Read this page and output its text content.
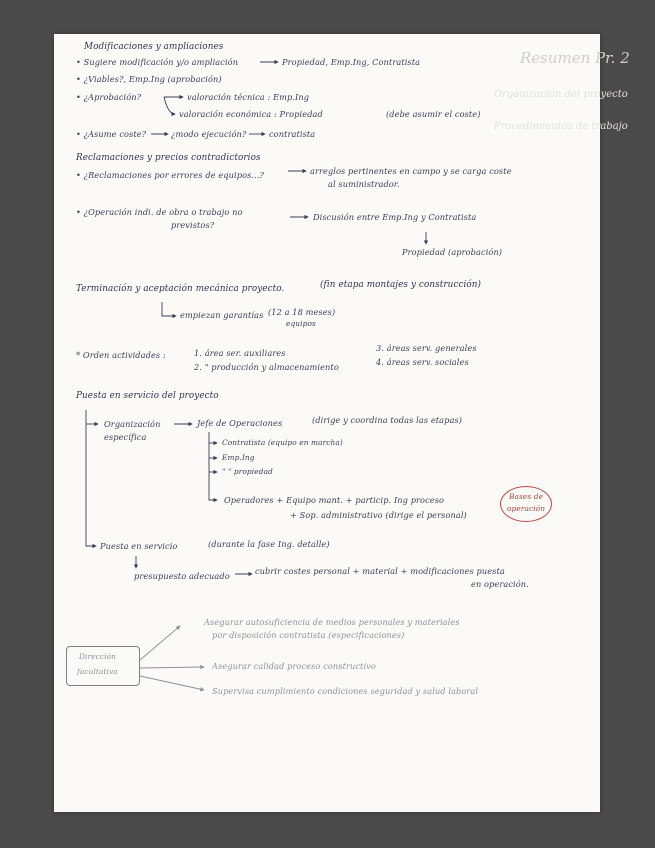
Resumen Pr. 2
Organización del proyecto
Procedimientos de trabajo
Modificaciones y ampliaciones
• Sugiere modificación y/o ampliación	Propiedad, Emp.Ing, Contratista
• ¿Viables?, Emp.Ing (aprobación)
• ¿Aprobación?	valoración técnica : Emp.Ing
valoración económica : Propiedad	(debe asumir el coste)
• ¿Asume coste?	¿modo ejecución?	contratista
Reclamaciones y precios contradictorios
• ¿Reclamaciones por errores de equipos...?	arreglos pertinentes en campo y se carga coste
al suministrador.
• ¿Operación indi. de obra o trabajo no
previstos?
Discusión entre Emp.Ing y Contratista
Propiedad (aprobación)
Terminación y aceptación mecánica proyecto.	(fin etapa montajes y construcción)
empiezan garantías (12 a 18 meses)
equipos
* Orden actividades :	1. área ser. auxiliares
2. " producción y almacenamiento
3. áreas serv. generales
4. áreas serv. sociales
Puesta en servicio del proyecto
Organización
específica
Jefe de Operaciones	(dirige y coordina todas las etapas)
Contratista (equipo en marcha)
Emp.Ing
" " propiedad
Operadores + Equipo mant. + particip. Ing proceso
+ Sop. administrativo (dirige el personal)
Bases de
operación
Puesta en servicio	(durante la fase Ing. detalle)
presupuesto adecuado	cubrir costes personal + material + modificaciones puesta
en operación.
Dirección
facultativa
Asegurar autosuficiencia de medios personales y materiales
por disposición contratista (especificaciones)
Asegurar calidad proceso constructivo
Supervisa cumplimiento condiciones seguridad y salud laboral
